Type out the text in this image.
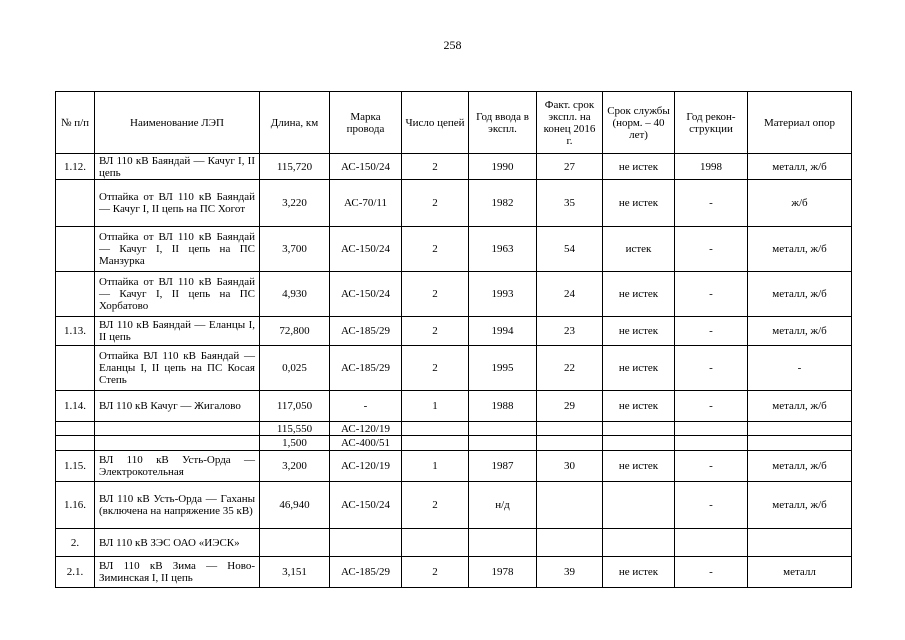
258
№ п/п	Наименование ЛЭП	Длина, км	Марка провода	Число цепей	Год ввода в экспл.	Факт. срок экспл. на конец 2016 г.	Срок службы (норм. – 40 лет)	Год рекон-струкции	Материал опор
1.12.	ВЛ 110 кВ Баяндай — Качуг I, II цепь	115,720	АС-150/24	2	1990	27	не истек	1998	металл, ж/б
	Отпайка от ВЛ 110 кВ Баяндай — Качуг I, II цепь на ПС Хогот	3,220	АС-70/11	2	1982	35	не истек	-	ж/б
	Отпайка от ВЛ 110 кВ Баяндай — Качуг I, II цепь на ПС Манзурка	3,700	АС-150/24	2	1963	54	истек	-	металл, ж/б
	Отпайка от ВЛ 110 кВ Баяндай — Качуг I, II цепь на ПС Хорбатово	4,930	АС-150/24	2	1993	24	не истек	-	металл, ж/б
1.13.	ВЛ 110 кВ Баяндай — Еланцы I, II цепь	72,800	АС-185/29	2	1994	23	не истек	-	металл, ж/б
	Отпайка ВЛ 110 кВ Баяндай — Еланцы I, II цепь на ПС Косая Степь	0,025	АС-185/29	2	1995	22	не истек	-	-
1.14.	ВЛ 110 кВ Качуг — Жигалово	117,050	-	1	1988	29	не истек	-	металл, ж/б
		115,550	АС-120/19						
		1,500	АС-400/51						
1.15.	ВЛ 110 кВ Усть-Орда — Электрокотельная	3,200	АС-120/19	1	1987	30	не истек	-	металл, ж/б
1.16.	ВЛ 110 кВ Усть-Орда — Гаханы (включена на напряжение 35 кВ)	46,940	АС-150/24	2	н/д			-	металл, ж/б
2.	ВЛ 110 кВ ЗЭС ОАО «ИЭСК»								
2.1.	ВЛ 110 кВ Зима — Ново-Зиминская I, II цепь	3,151	АС-185/29	2	1978	39	не истек	-	металл
